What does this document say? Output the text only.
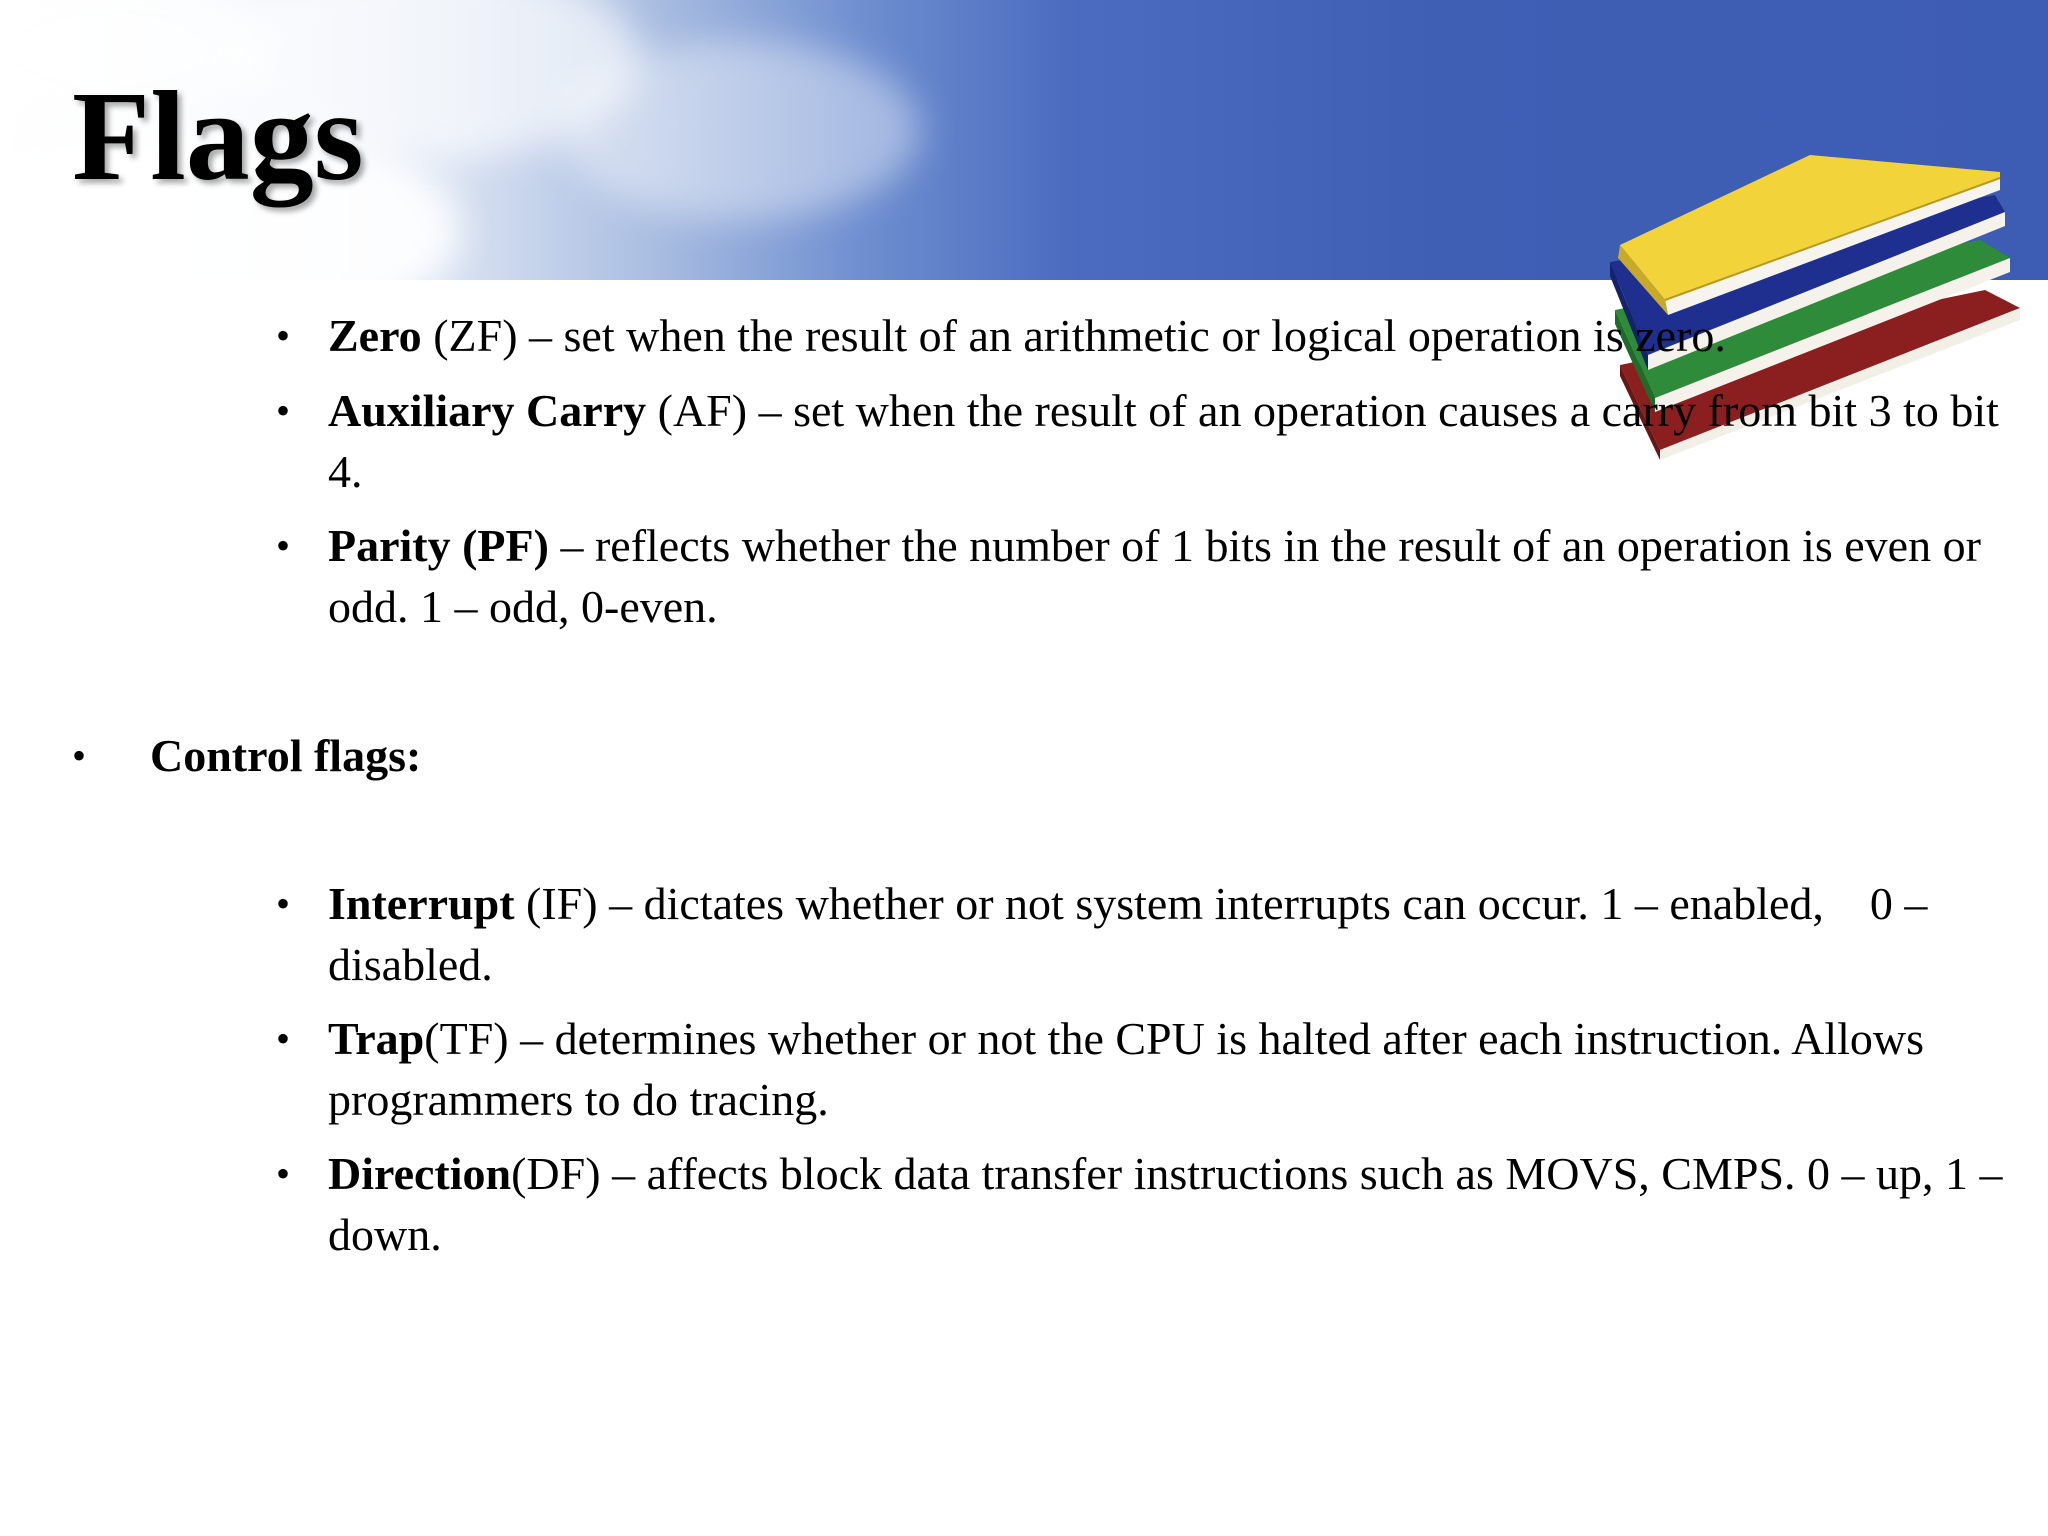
Flags
• Zero (ZF) – set when the result of an arithmetic or logical operation is zero.
• Auxiliary Carry (AF) – set when the result of an operation causes a carry from bit 3 to bit 4.
• Parity (PF) – reflects whether the number of 1 bits in the result of an operation is even or odd. 1 – odd, 0-even.
• Control flags:
• Interrupt (IF) – dictates whether or not system interrupts can occur. 1 – enabled,    0 – disabled.
• Trap(TF) – determines whether or not the CPU is halted after each instruction. Allows programmers to do tracing.
• Direction(DF) – affects block data transfer instructions such as MOVS, CMPS. 0 – up, 1 – down.
